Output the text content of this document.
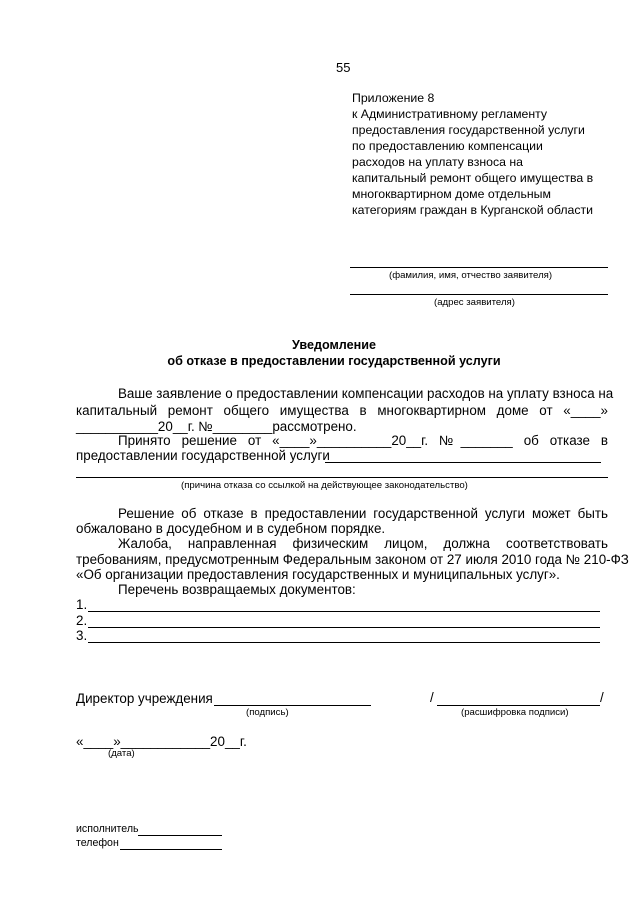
55
Приложение 8
к Административному регламенту
предоставления государственной услуги
по предоставлению компенсации
расходов на уплату взноса на
капитальный ремонт общего имущества в
многоквартирном доме отдельным
категориям граждан в Курганской области
(фамилия, имя, отчество заявителя)
(адрес заявителя)
Уведомление
об отказе в предоставлении государственной услуги
Ваше заявление о предоставлении компенсации расходов на уплату взноса на
капитальный ремонт общего имущества в многоквартирном доме от «____»
___________20__г. №________рассмотрено.
Принято решение от «____»__________20__г. №_______ об отказе в
предоставлении государственной услуги
(причина отказа со ссылкой на действующее законодательство)
Решение об отказе в предоставлении государственной услуги может быть
обжаловано в досудебном и в судебном порядке.
Жалоба, направленная физическим лицом, должна соответствовать
требованиям, предусмотренным Федеральным законом от 27 июля 2010 года № 210-ФЗ
«Об организации предоставления государственных и муниципальных услуг».
Перечень возвращаемых документов:
1.
2.
3.
Директор учреждения
(подпись)
/	/
(расшифровка подписи)
«____»____________20__г.
(дата)
исполнитель
телефон
